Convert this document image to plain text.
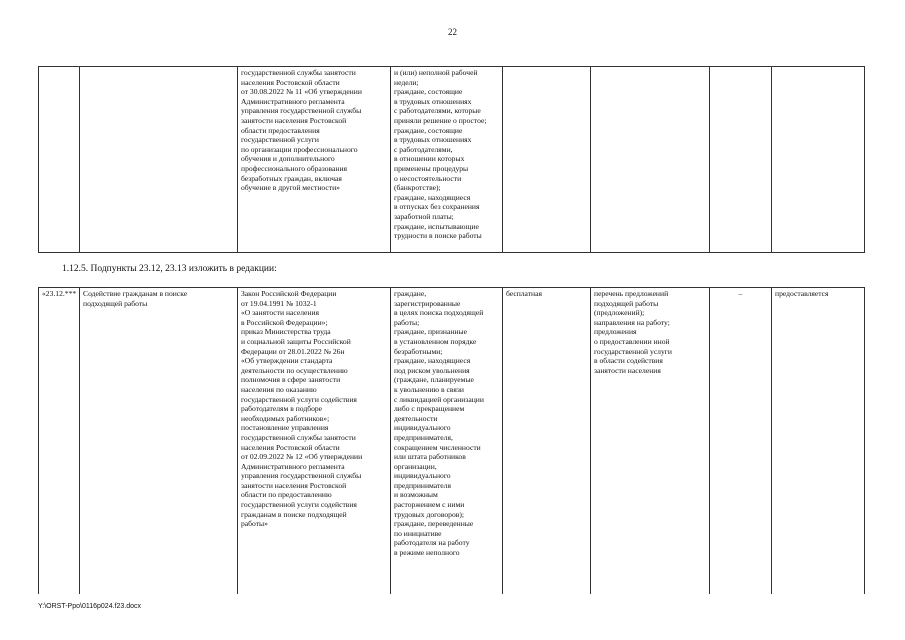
22
		государственной службы занятости
населения Ростовской области
от 30.08.2022 № 11 «Об утверждении
Административного регламента
управления государственной службы
занятости населения Ростовской
области предоставления
государственной услуги
по организации профессионального
обучения и дополнительного
профессионального образования
безработных граждан, включая
обучение в другой местности»	и (или) неполной рабочей
недели;
граждане, состоящие
в трудовых отношениях
с работодателями, которые
приняли решение о простое;
граждане, состоящие
в трудовых отношениях
с работодателями,
в отношении которых
применены процедуры
о несостоятельности
(банкротстве);
граждане, находящиеся
в отпусках без сохранения
заработной платы;
граждане, испытывающие
трудности в поиске работы				
1.12.5. Подпункты 23.12, 23.13 изложить в редакции:
«23.12.***	Содействие гражданам в поиске
подходящей работы	Закон Российской Федерации
от 19.04.1991 № 1032-1
«О занятости населения
в Российской Федерации»;
приказ Министерства труда
и социальной защиты Российской
Федерации от 28.01.2022 № 26н
«Об утверждении стандарта
деятельности по осуществлению
полномочия в сфере занятости
населения по оказанию
государственной услуги содействия
работодателям в подборе
необходимых работников»;
постановление управления
государственной службы занятости
населения Ростовской области
от 02.09.2022 № 12 «Об утверждении
Административного регламента
управления государственной службы
занятости населения Ростовской
области по предоставлению
государственной услуги содействия
гражданам в поиске подходящей
работы»	граждане,
зарегистрированные
в целях поиска подходящей
работы;
граждане, признанные
в установленном порядке
безработными;
граждане, находящиеся
под риском увольнения
(граждане, планируемые
к увольнению в связи
с ликвидацией организации
либо с прекращением
деятельности
индивидуального
предпринимателя,
сокращением численности
или штата работников
организации,
индивидуального
предпринимателя
и возможным
расторжением с ними
трудовых договоров);
граждане, переведенные
по инициативе
работодателя на работу
в режиме неполного	бесплатная	перечень предложений
подходящей работы
(предложений);
направления на работу;
предложения
о предоставлении иной
государственной услуги
в области содействия
занятости населения	–	предоставляется
Y:\ORST-Ppo\0116p024.f23.docx
